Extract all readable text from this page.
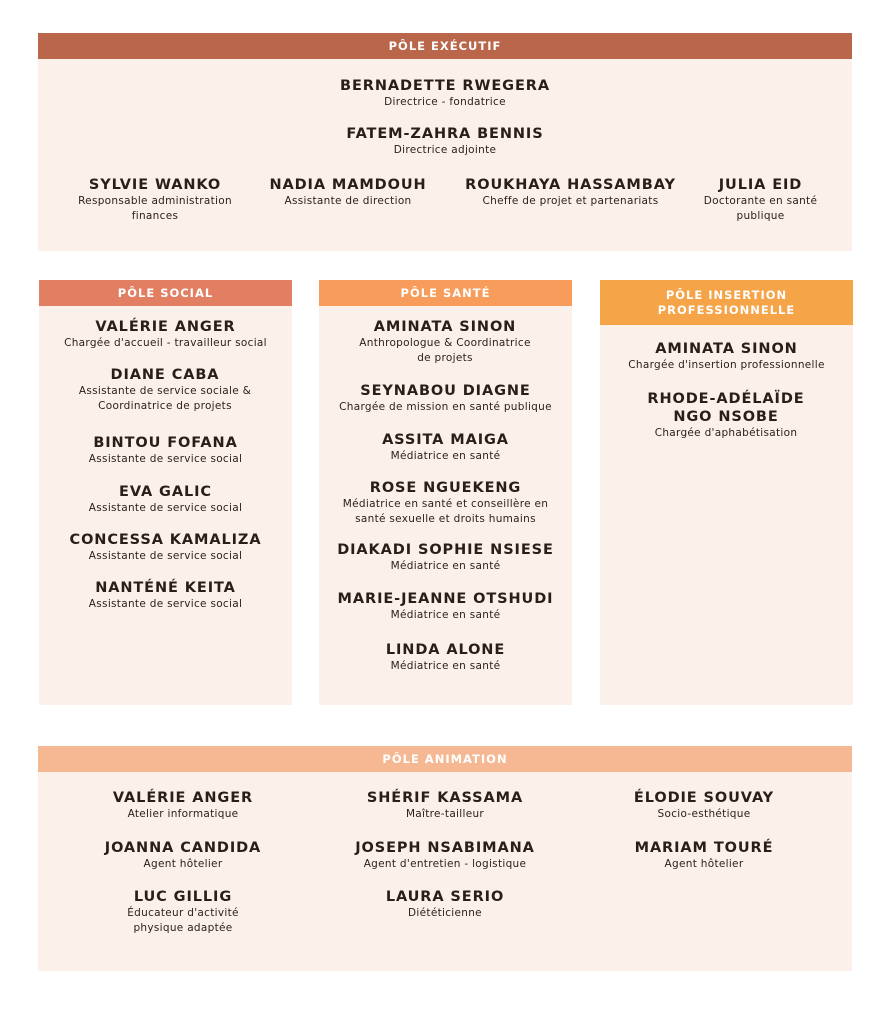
PÔLE EXÉCUTIF
BERNADETTE RWEGERA
Directrice - fondatrice
FATEM-ZAHRA BENNIS
Directrice adjointe
SYLVIE WANKO
Responsable administration finances
NADIA MAMDOUH
Assistante de direction
ROUKHAYA HASSAMBAY
Cheffe de projet et partenariats
JULIA EID
Doctorante en santé publique
PÔLE SOCIAL
VALÉRIE ANGER
Chargée d'accueil - travailleur social
DIANE CABA
Assistante de service sociale & Coordinatrice de projets
BINTOU FOFANA
Assistante de service social
EVA GALIC
Assistante de service social
CONCESSA KAMALIZA
Assistante de service social
NANTÉNÉ KEITA
Assistante de service social
PÔLE SANTÉ
AMINATA SINON
Anthropologue & Coordinatrice de projets
SEYNABOU DIAGNE
Chargée de mission en santé publique
ASSITA MAIGA
Médiatrice en santé
ROSE NGUEKENG
Médiatrice en santé et conseillère en santé sexuelle et droits humains
DIAKADI SOPHIE NSIESE
Médiatrice en santé
MARIE-JEANNE OTSHUDI
Médiatrice en santé
LINDA ALONE
Médiatrice en santé
PÔLE INSERTION PROFESSIONNELLE
AMINATA SINON
Chargée d'insertion professionnelle
RHODE-ADÉLAÏDE NGO NSOBE
Chargée d'aphabétisation
PÔLE ANIMATION
VALÉRIE ANGER
Atelier informatique
JOANNA CANDIDA
Agent hôtelier
LUC GILLIG
Éducateur d'activité physique adaptée
SHÉRIF KASSAMA
Maître-tailleur
JOSEPH NSABIMANA
Agent d'entretien - logistique
LAURA SERIO
Diététicienne
ÉLODIE SOUVAY
Socio-esthétique
MARIAM TOURÉ
Agent hôtelier
